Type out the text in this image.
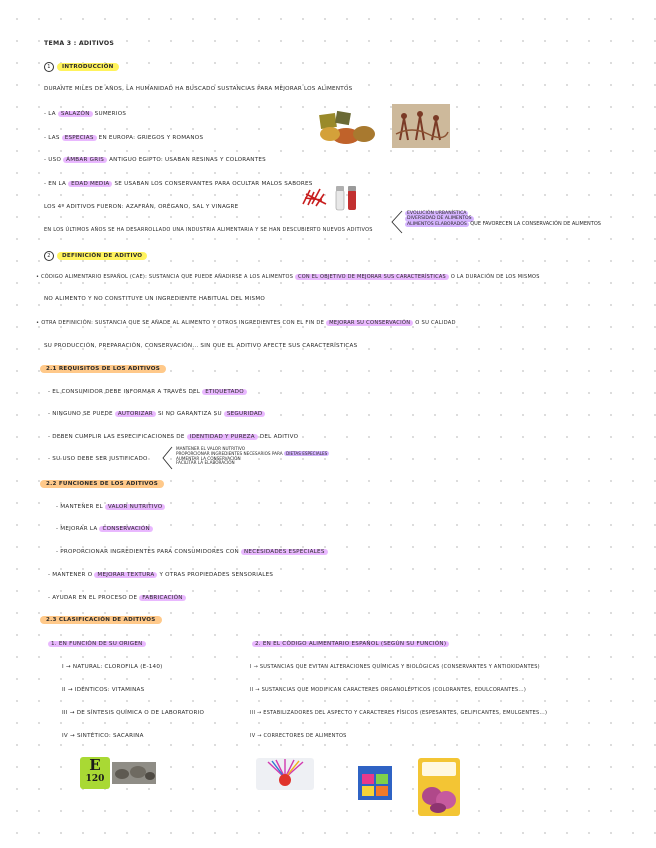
TEMA 3 : ADITIVOS
1 INTRODUCCIÓN
DURANTE MILES DE AÑOS, LA HUMANIDAD HA BUSCADO SUSTANCIAS PARA MEJORAR LOS ALIMENTOS
- LA SALAZÓN SUMERIOS
- LAS ESPECIAS EN EUROPA: GRIEGOS Y ROMANOS
- USO ÁMBAR GRIS ANTIGUO EGIPTO: USABAN RESINAS Y COLORANTES
- EN LA EDAD MEDIA SE USABAN LOS CONSERVANTES PARA OCULTAR MALOS SABORES
LOS 4º ADITIVOS FUERON: AZAFRÁN, ORÉGANO, SAL Y VINAGRE
EN LOS ÚLTIMOS AÑOS SE HA DESARROLLADO UNA INDUSTRIA ALIMENTARIA Y SE HAN DESCUBIERTO NUEVOS ADITIVOS
EVOLUCIÓN URBANÍSTICA
DIVERSIDAD DE ALIMENTOS
ALIMENTOS ELABORADOS QUE FAVORECEN LA CONSERVACIÓN DE ALIMENTOS
2 DEFINICIÓN DE ADITIVO
• CÓDIGO ALIMENTARIO ESPAÑOL (CAE): SUSTANCIA QUE PUEDE AÑADIRSE A LOS ALIMENTOS CON EL OBJETIVO DE MEJORAR SUS CARACTERÍSTICAS O LA DURACIÓN DE LOS MISMOS
NO ALIMENTO Y NO CONSTITUYE UN INGREDIENTE HABITUAL DEL MISMO
• OTRA DEFINICIÓN: SUSTANCIA QUE SE AÑADE AL ALIMENTO Y OTROS INGREDIENTES CON EL FIN DE MEJORAR SU CONSERVACIÓN O SU CALIDAD
SU PRODUCCIÓN, PREPARACIÓN, CONSERVACIÓN... SIN QUE EL ADITIVO AFECTE SUS CARACTERÍSTICAS
2.1 REQUISITOS DE LOS ADITIVOS
- EL CONSUMIDOR DEBE INFORMAR A TRAVÉS DEL ETIQUETADO
- NINGUNO SE PUEDE AUTORIZAR SI NO GARANTIZA SU SEGURIDAD
- DEBEN CUMPLIR LAS ESPECIFICACIONES DE IDENTIDAD Y PUREZA DEL ADITIVO
- SU USO DEBE SER JUSTIFICADO
MANTENER EL VALOR NUTRITIVO
PROPORCIONAR INGREDIENTES NECESARIOS PARA DIETAS ESPECIALES
AUMENTAR LA CONSERVACIÓN
FACILITAR LA ELABORACIÓN
2.2 FUNCIONES DE LOS ADITIVOS
- MANTENER EL VALOR NUTRITIVO
- MEJORAR LA CONSERVACIÓN
- PROPORCIONAR INGREDIENTES PARA CONSUMIDORES CON NECESIDADES ESPECIALES
- MANTENER O MEJORAR TEXTURA Y OTRAS PROPIEDADES SENSORIALES
- AYUDAR EN EL PROCESO DE FABRICACIÓN
2.3 CLASIFICACIÓN DE ADITIVOS
1. EN FUNCIÓN DE SU ORIGEN
I → NATURAL: CLOROFILA (E-140)
II → IDÉNTICOS: VITAMINAS
III → DE SÍNTESIS QUÍMICA O DE LABORATORIO
IV → SINTÉTICO: SACARINA
2. EN EL CÓDIGO ALIMENTARIO ESPAÑOL (SEGÚN SU FUNCIÓN)
I → SUSTANCIAS QUE EVITAN ALTERACIONES QUÍMICAS Y BIOLÓGICAS (CONSERVANTES Y ANTIOXIDANTES)
II → SUSTANCIAS QUE MODIFICAN CARACTERES ORGANOLÉPTICOS (COLORANTES, EDULCORANTES...)
III → ESTABILIZADORES DEL ASPECTO Y CARACTERES FÍSICOS (ESPESANTES, GELIFICANTES, EMULGENTES...)
IV → CORRECTORES DE ALIMENTOS
E
120
